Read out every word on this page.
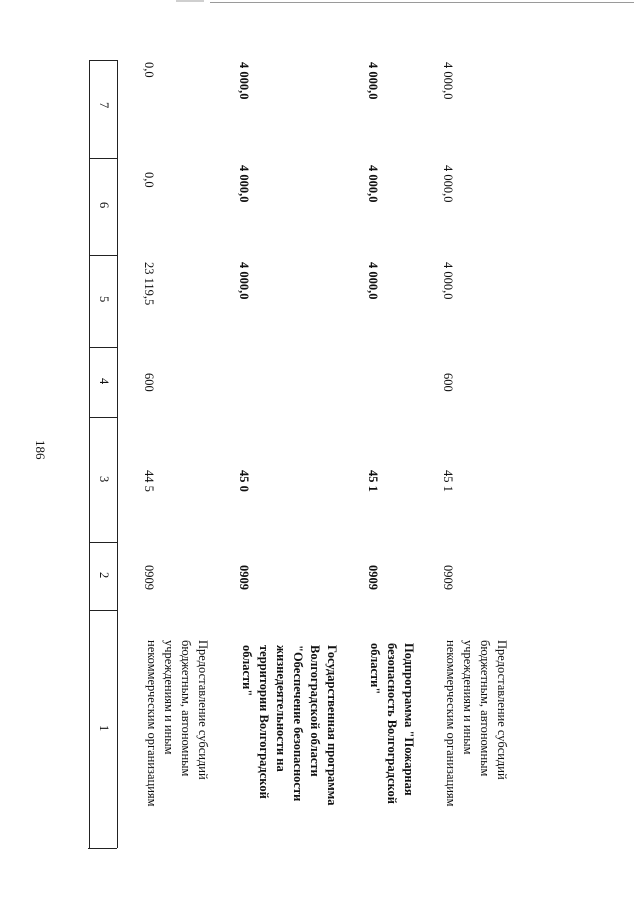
186
7
6
5
4
3
2
1	Предоставление субсидий
бюджетным, автономным
учреждениям и иным
некоммерческим организациям
0909
44 5
600
23 119,5
0,0
0,0
Государственная программа
Волгоградской области
"Обеспечение безопасности
жизнедеятельности на
территории Волгоградской
области"
0909
45 0
4 000,0
4 000,0
4 000,0
Подпрограмма "Пожарная
безопасность Волгоградской
области"
0909
45 1
4 000,0
4 000,0
4 000,0
Предоставление субсидий
бюджетным, автономным
учреждениям и иным
некоммерческим организациям
0909
45 1
600
4 000,0
4 000,0
4 000,0
